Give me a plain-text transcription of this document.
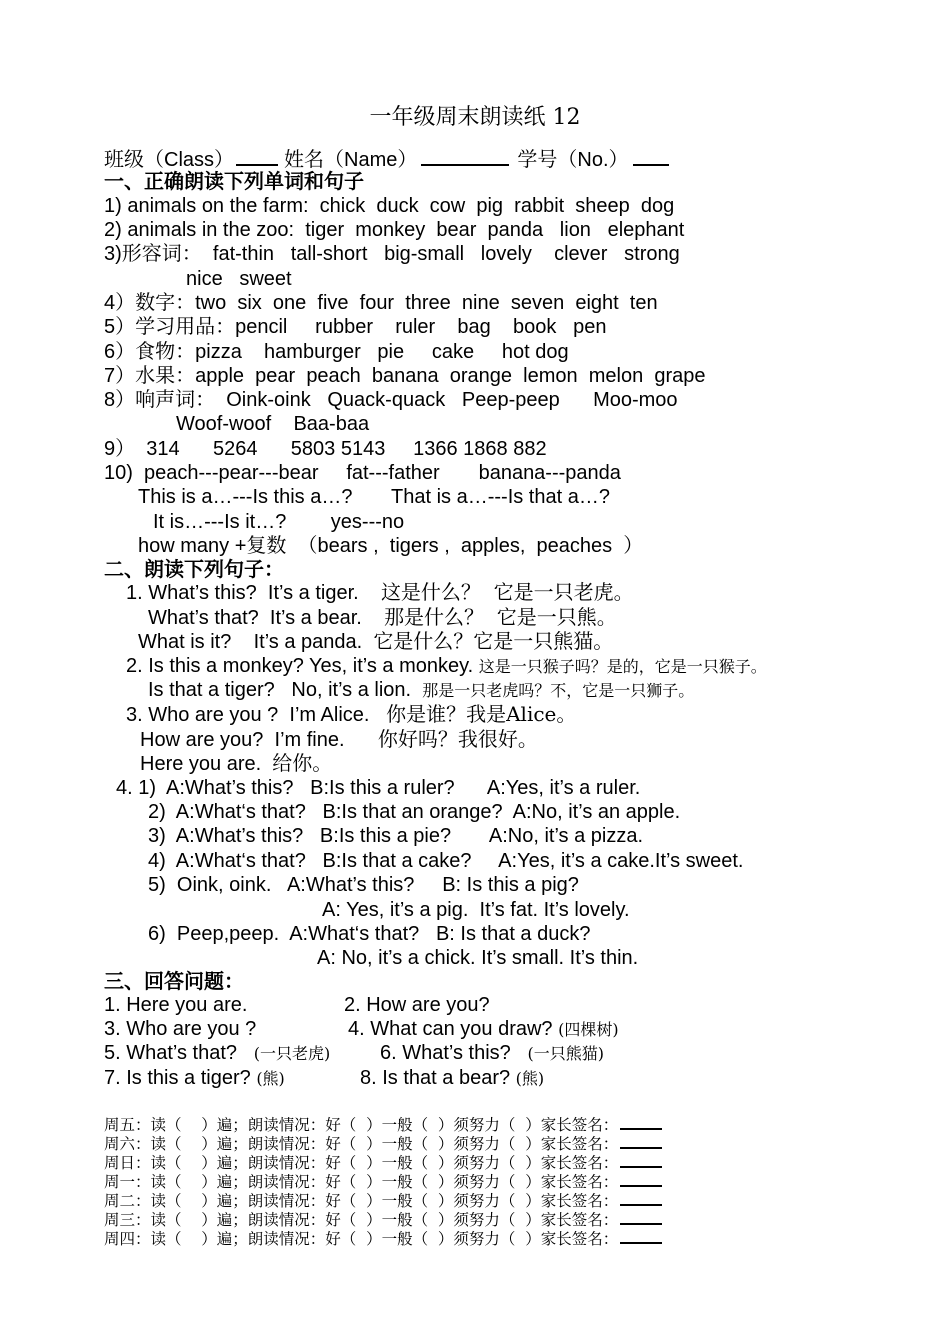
一年级周末朗读纸 12
班级（Class）	姓名（Name）	学号（No.）
一、正确朗读下列单词和句子
1) animals on the farm:  chick  duck  cow  pig  rabbit  sheep  dog
2) animals in the zoo:  tiger  monkey  bear  panda   lion   elephant
3)形容词：  fat-thin   tall-short   big-small   lovely    clever   strong
nice   sweet
4）数字：two  six  one  five  four  three  nine  seven  eight  ten
5）学习用品：pencil     rubber    ruler    bag    book   pen
6）食物：pizza    hamburger   pie     cake     hot dog
7）水果：apple  pear  peach  banana  orange  lemon  melon  grape
8）响声词：  Oink-oink   Quack-quack   Peep-peep      Moo-moo
Woof-woof    Baa-baa
9）  314      5264      5803 5143     1366 1868 882
10)  peach---pear---bear     fat---father       banana---panda
This is a…---Is this a…?       That is a…---Is that a…?
It is…---Is it…?        yes---no
how many +复数  （bears ,  tigers ,  apples,  peaches  ）
二、朗读下列句子：
1. What’s this?  It’s a tiger.    这是什么？  它是一只老虎。
What’s that?  It’s a bear.    那是什么？  它是一只熊。
What is it?    It’s a panda.  它是什么？它是一只熊猫。
2. Is this a monkey? Yes, it’s a monkey. 这是一只猴子吗？是的，它是一只猴子。
Is that a tiger?   No, it’s a lion.  那是一只老虎吗？不，它是一只狮子。
3. Who are you ?  I’m Alice.   你是谁？我是Alice。
How are you?  I’m fine.      你好吗？我很好。
Here you are.  给你。
4. 1)  A:What’s this?   B:Is this a ruler?      A:Yes, it’s a ruler.
2)  A:What‘s that?   B:Is that an orange?  A:No, it’s an apple.
3)  A:What’s this?   B:Is this a pie?       A:No, it’s a pizza.
4)  A:What‘s that?   B:Is that a cake?     A:Yes, it’s a cake.It’s sweet.
5)  Oink, oink.   A:What’s this?     B: Is this a pig?
A: Yes, it’s a pig.  It’s fat. It’s lovely.
6)  Peep,peep.  A:What‘s that?   B: Is that a duck?
A: No, it’s a chick. It’s small. It’s thin.
三、回答问题：
1. Here you are.	2. How are you?
3. Who are you ?	4. What can you draw? (四棵树)
5. What’s that? (一只老虎) 6. What’s this? (一只熊猫)
7. Is this a tiger? (熊)	8. Is that a bear? (熊)
周五：读（    ）遍；朗读情况：好（  ）一般（  ）须努力（  ）家长签名：
周六：读（    ）遍；朗读情况：好（  ）一般（  ）须努力（  ）家长签名：
周日：读（    ）遍；朗读情况：好（  ）一般（  ）须努力（  ）家长签名：
周一：读（    ）遍；朗读情况：好（  ）一般（  ）须努力（  ）家长签名：
周二：读（    ）遍；朗读情况：好（  ）一般（  ）须努力（  ）家长签名：
周三：读（    ）遍；朗读情况：好（  ）一般（  ）须努力（  ）家长签名：
周四：读（    ）遍；朗读情况：好（  ）一般（  ）须努力（  ）家长签名：
